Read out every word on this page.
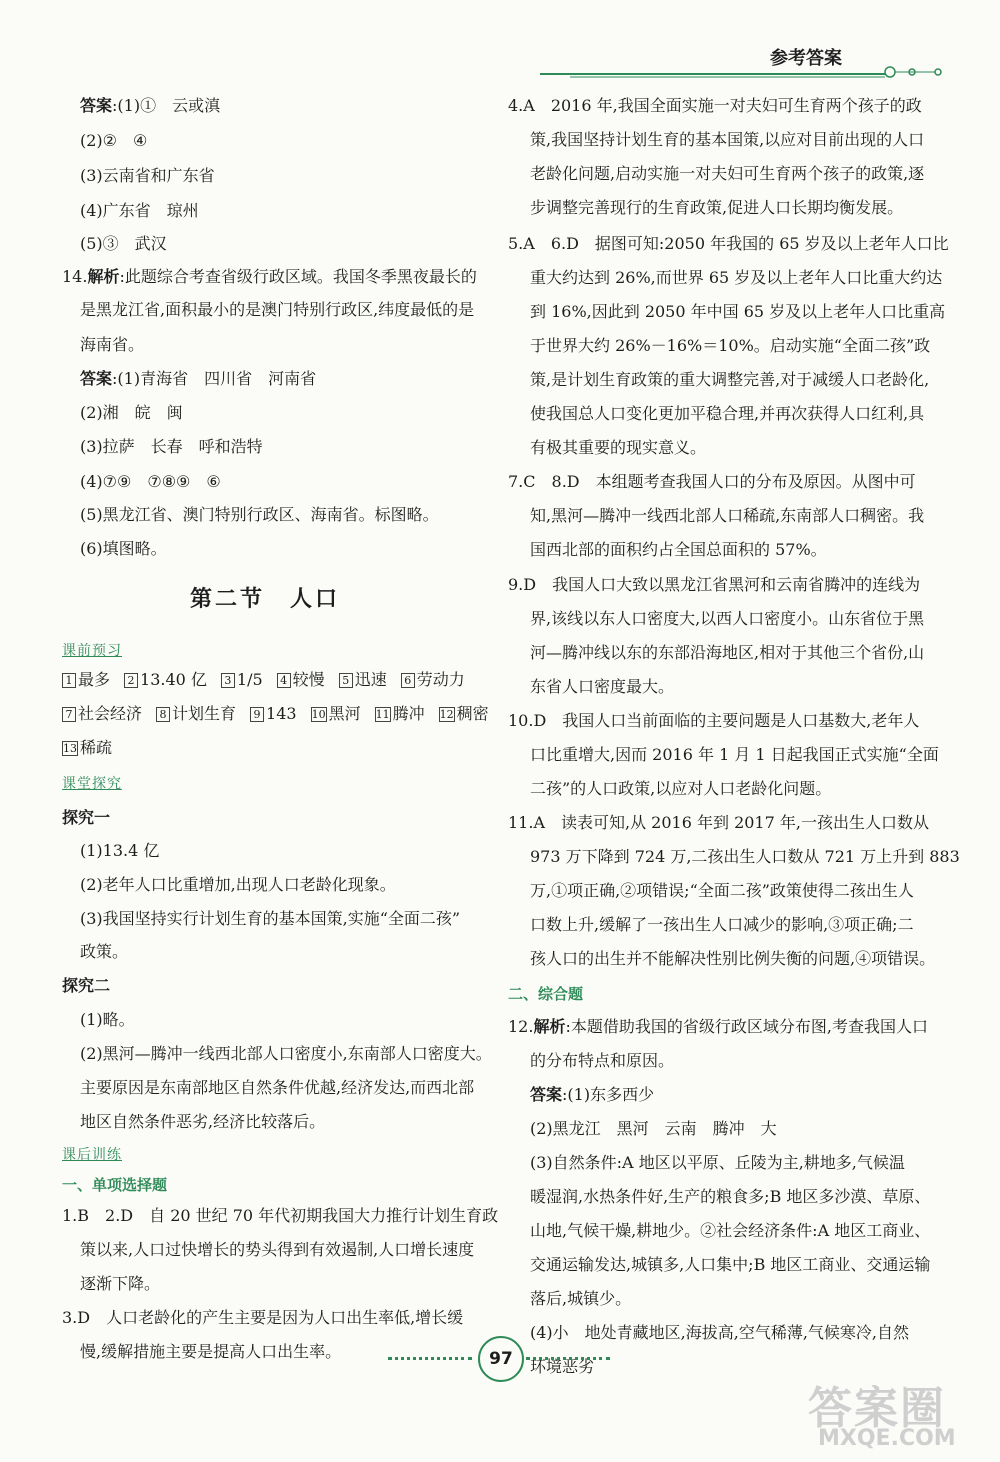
参考答案
答案:(1)①　云或滇
(2)②　④
(3)云南省和广东省
(4)广东省　琼州
(5)③　武汉
14.解析:此题综合考查省级行政区域。我国冬季黑夜最长的
是黑龙江省,面积最小的是澳门特别行政区,纬度最低的是
海南省。
答案:(1)青海省　四川省　河南省
(2)湘　皖　闽
(3)拉萨　长春　呼和浩特
(4)⑦⑨　⑦⑧⑨　⑥
(5)黑龙江省、澳门特别行政区、海南省。标图略。
(6)填图略。
第二节　人口
课前预习
1 最多 2 13.40 亿 3 1/5 4 较慢 5 迅速 6 劳动力
7 社会经济 8 计划生育 9 143 10 黑河 11 腾冲 12 稠密
13 稀疏
课堂探究
探究一
(1)13.4 亿
(2)老年人口比重增加,出现人口老龄化现象。
(3)我国坚持实行计划生育的基本国策,实施“全面二孩”
政策。
探究二
(1)略。
(2)黑河—腾冲一线西北部人口密度小,东南部人口密度大。
主要原因是东南部地区自然条件优越,经济发达,而西北部
地区自然条件恶劣,经济比较落后。
课后训练
一、单项选择题
1.B　2.D　自 20 世纪 70 年代初期我国大力推行计划生育政
策以来,人口过快增长的势头得到有效遏制,人口增长速度
逐渐下降。
3.D　人口老龄化的产生主要是因为人口出生率低,增长缓
慢,缓解措施主要是提高人口出生率。
4.A　2016 年,我国全面实施一对夫妇可生育两个孩子的政
策,我国坚持计划生育的基本国策,以应对目前出现的人口
老龄化问题,启动实施一对夫妇可生育两个孩子的政策,逐
步调整完善现行的生育政策,促进人口长期均衡发展。
5.A　6.D　据图可知:2050 年我国的 65 岁及以上老年人口比
重大约达到 26%,而世界 65 岁及以上老年人口比重大约达
到 16%,因此到 2050 年中国 65 岁及以上老年人口比重高
于世界大约 26%－16%＝10%。启动实施“全面二孩”政
策,是计划生育政策的重大调整完善,对于减缓人口老龄化,
使我国总人口变化更加平稳合理,并再次获得人口红利,具
有极其重要的现实意义。
7.C　8.D　本组题考查我国人口的分布及原因。从图中可
知,黑河—腾冲一线西北部人口稀疏,东南部人口稠密。我
国西北部的面积约占全国总面积的 57%。
9.D　我国人口大致以黑龙江省黑河和云南省腾冲的连线为
界,该线以东人口密度大,以西人口密度小。山东省位于黑
河—腾冲线以东的东部沿海地区,相对于其他三个省份,山
东省人口密度最大。
10.D　我国人口当前面临的主要问题是人口基数大,老年人
口比重增大,因而 2016 年 1 月 1 日起我国正式实施“全面
二孩”的人口政策,以应对人口老龄化问题。
11.A　读表可知,从 2016 年到 2017 年,一孩出生人口数从
973 万下降到 724 万,二孩出生人口数从 721 万上升到 883
万,①项正确,②项错误;“全面二孩”政策使得二孩出生人
口数上升,缓解了一孩出生人口减少的影响,③项正确;二
孩人口的出生并不能解决性别比例失衡的问题,④项错误。
二、综合题
12.解析:本题借助我国的省级行政区域分布图,考查我国人口
的分布特点和原因。
答案:(1)东多西少
(2)黑龙江　黑河　云南　腾冲　大
(3)自然条件:A 地区以平原、丘陵为主,耕地多,气候温
暖湿润,水热条件好,生产的粮食多;B 地区多沙漠、草原、
山地,气候干燥,耕地少。②社会经济条件:A 地区工商业、
交通运输发达,城镇多,人口集中;B 地区工商业、交通运输
落后,城镇少。
(4)小　地处青藏地区,海拔高,空气稀薄,气候寒冷,自然
环境恶劣
97
答案圈
MXQE.COM
